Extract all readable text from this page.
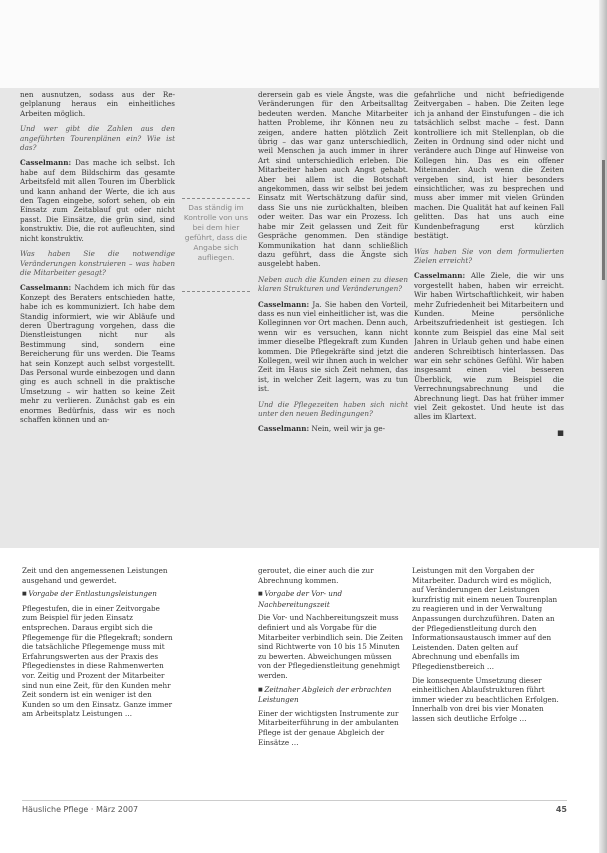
nen ausnutzen, sodass aus der Re-gelplanung heraus ein einheitliches Arbeiten möglich.

Und wer gibt die Zahlen aus den angeführten Tourenplänen ein? Wie ist das?

Casselmann: Das mache ich selbst. Ich habe auf dem Bildschirm das gesamte Arbeitsfeld mit allen Touren im Überblick und kann anhand der Werte, die ich aus den Tagen eingebe, sofort sehen, ob ein Einsatz zum Zeitablauf gut oder nicht passt. Die Einsätze, die grün sind, sind konstruktiv. Die, die rot aufleuchten, sind nicht konstruktiv.

Was haben Sie die notwendige Veränderungen konstruieren – was haben die Mitarbeiter gesagt?

Casselmann: Nachdem ich mich für das Konzept des Beraters entschieden hatte, habe ich es kommuniziert. Ich habe dem Standig informiert, wie wir Abläufe und deren Übertragung vorgehen, dass die Dienstleistungen nicht nur als Bestimmung sind, sondern eine Bereicherung für uns werden. Die Teams hat sein Konzept auch selbst vorgestellt. Das Personal wurde einbezogen und dann ging es auch schnell in die praktische Umsetzung – wir hatten so keine Zeit mehr zu verlieren. Zunächst gab es ein enormes Bedürfnis, dass wir es noch schaffen können und an-

Das ständig im Kontrolle von uns bei dem hier geführt, dass die Angabe sich aufliegen.

derersein gab es viele Ängste, was die Veränderungen für den Arbeitsalltag bedeuten werden. Manche Mitarbeiter hatten Probleme, ihr Können neu zu zeigen, andere hatten plötzlich Zeit übrig – das war ganz unterschiedlich, weil Menschen ja auch immer in ihrer Art sind unterschiedlich erleben. Die Mitarbeiter haben auch Angst gehabt. Aber bei allem ist die Botschaft angekommen, dass wir selbst bei jedem Einsatz mit Wertschätzung dafür sind, dass Sie uns nie zurückhalten, bleiben oder weiter. Das war ein Prozess. Ich habe mir Zeit gelassen und Zeit für Gespräche genommen. Den ständige Kommunikation hat dann schließlich dazu geführt, dass die Ängste sich ausgelebt haben.

Neben auch die Kunden einen zu diesen klaren Strukturen und Veränderungen?

Casselmann: Ja. Sie haben den Vorteil, dass es nun viel einheitlicher ist, was die Kolleginnen vor Ort machen. Denn auch, wenn wir es versuchen, kann nicht immer dieselbe Pflegekraft zum Kunden kommen. Die Pflegekräfte sind jetzt die Kollegen, weil wir ihnen auch in welcher Zeit im Haus sie sich Zeit nehmen, das ist, in welcher Zeit lagern, was zu tun ist.

Und die Pflegezeiten haben sich nicht unter den neuen Bedingungen?

Casselmann: Nein, weil wir ja ge-

gefahrliche und nicht befriedigende Zeitvergaben – haben. Die Zeiten lege ich ja anhand der Einstufungen – die ich tatsächlich selbst mache – fest. Dann kontrolliere ich mit Stellenplan, ob die Zeiten in Ordnung sind oder nicht und verändere auch Dinge auf Hinweise von Kollegen hin. Das es ein offener Miteinander. Auch wenn die Zeiten vergeben sind, ist hier besonders einsichtlicher, was zu besprechen und muss aber immer mit vielen Gründen machen. Die Qualität hat auf keinen Fall gelitten. Das hat uns auch eine Kundenbefragung erst kürzlich bestätigt.

Was haben Sie von dem formulierten Zielen erreicht?

Casselmann: Alle Ziele, die wir uns vorgestellt haben, haben wir erreicht. Wir haben Wirtschaftlichkeit, wir haben mehr Zufriedenheit bei Mitarbeitern und Kunden. Meine persönliche Arbeitszufriedenheit ist gestiegen. Ich konnte zum Beispiel das eine Mal seit Jahren in Urlaub gehen und habe einen anderen Schreibtisch hinterlassen. Das war ein sehr schönes Gefühl. Wir haben insgesamt einen viel besseren Überblick, wie zum Beispiel die Verrechnungsabrechnung und die Abrechnung liegt. Das hat früher immer viel Zeit gekostet. Und heute ist das alles im Klartext.

■

Zeit und den angemessenen Leistungen ausgehand und gewerdet.

■ Vorgabe der Entlastungsleistungen

Pflegestufen, die in einer Zeitvorgabe zum Beispiel für jeden Einsatz entsprechen. Daraus ergibt sich die Pflegemenge für die Pflegekraft; sondern die tatsächliche Pflegemenge muss mit Erfahrungswerten aus der Praxis des Pflegedienstes in diese Rahmenwerten vor. Zeitig und Prozent der Mitarbeiter sind nun eine Zeit, für den Kunden mehr Zeit sondern ist ein weniger ist den Kunden so um den Einsatz. Ganze immer am Arbeitsplatz Leistungen …

geroutet, die einer auch die zur Abrechnung kommen.

■ Vorgabe der Vor- und Nachbereitungszeit

Die Vor- und Nachbereitungszeit muss definiert und als Vorgabe für die Mitarbeiter verbindlich sein. Die Zeiten sind Richtwerte von 10 bis 15 Minuten zu bewerten. Abweichungen müssen von der Pflegedienstleitung genehmigt werden.

■ Zeitnaher Abgleich der erbrachten Leistungen

Einer der wichtigsten Instrumente zur Mitarbeiterführung in der ambulanten Pflege ist der genaue Abgleich der Einsätze …

Leistungen mit den Vorgaben der Mitarbeiter. Dadurch wird es möglich, auf Veränderungen der Leistungen kurzfristig mit einem neuen Tourenplan zu reagieren und in der Verwaltung Anpassungen durchzuführen. Daten an der Pflegedienstleitung durch den Informationsaustausch immer auf den Leistenden. Daten gelten auf Abrechnung und ebenfalls im Pflegedienstbereich …

Die konsequente Umsetzung dieser einheitlichen Ablaufstrukturen führt immer wieder zu beachtlichen Erfolgen. Innerhalb von drei bis vier Monaten lassen sich deutliche Erfolge …

Häusliche Pflege · März 2007	45
